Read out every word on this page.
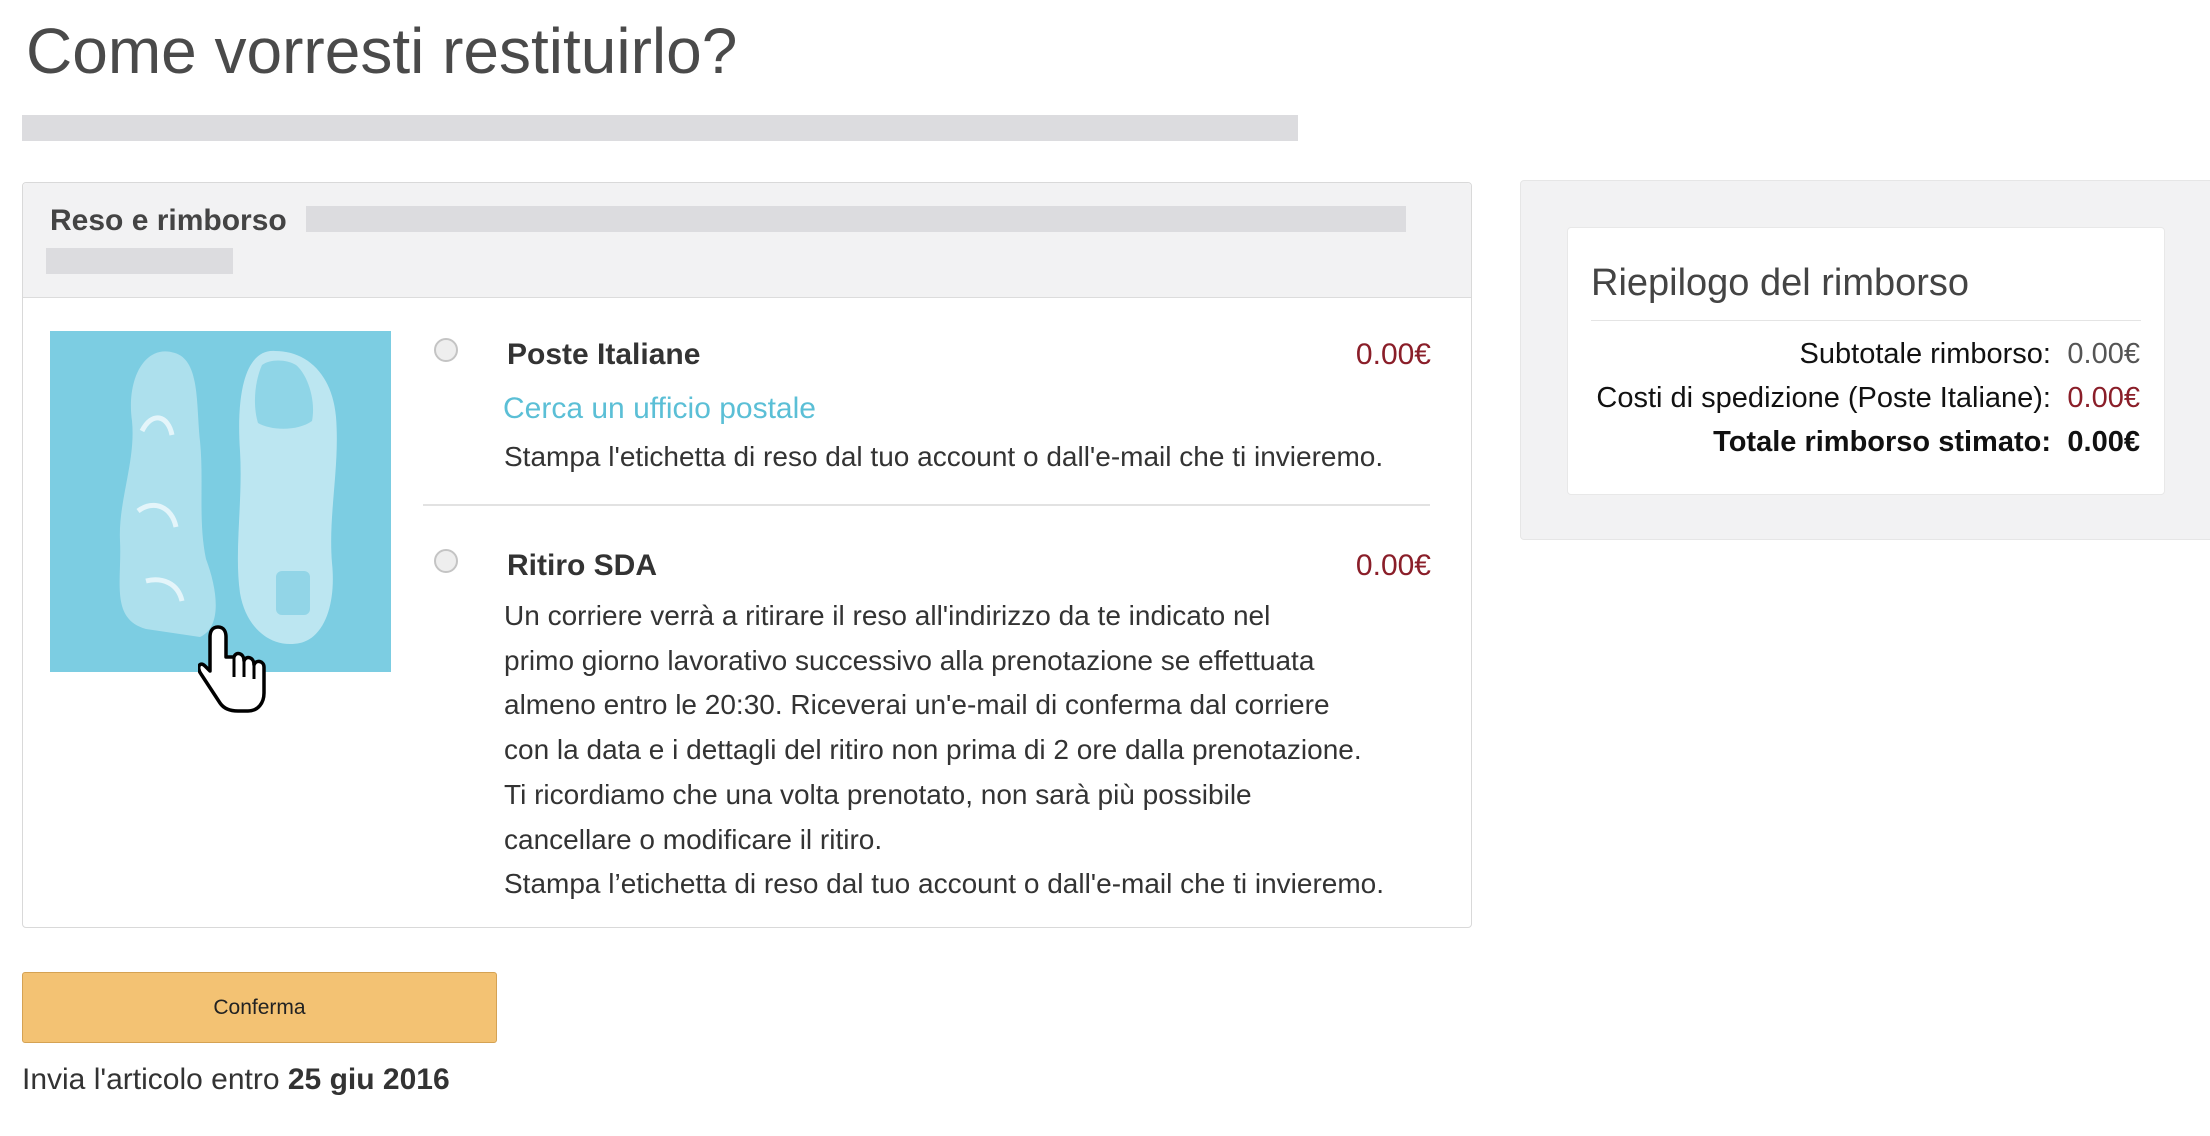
Come vorresti restituirlo?
Reso e rimborso
Poste Italiane	0.00€
Cerca un ufficio postale
Stampa l'etichetta di reso dal tuo account o dall'e-mail che ti invieremo.
Ritiro SDA	0.00€
Un corriere verrà a ritirare il reso all'indirizzo da te indicato nel
primo giorno lavorativo successivo alla prenotazione se effettuata
almeno entro le 20:30. Riceverai un'e-mail di conferma dal corriere
con la data e i dettagli del ritiro non prima di 2 ore dalla prenotazione.
Ti ricordiamo che una volta prenotato, non sarà più possibile
cancellare o modificare il ritiro.
Stampa l’etichetta di reso dal tuo account o dall'e-mail che ti invieremo.
Riepilogo del rimborso
Subtotale rimborso: 0.00€
Costi di spedizione (Poste Italiane): 0.00€
Totale rimborso stimato: 0.00€
Conferma
Invia l'articolo entro 25 giu 2016
